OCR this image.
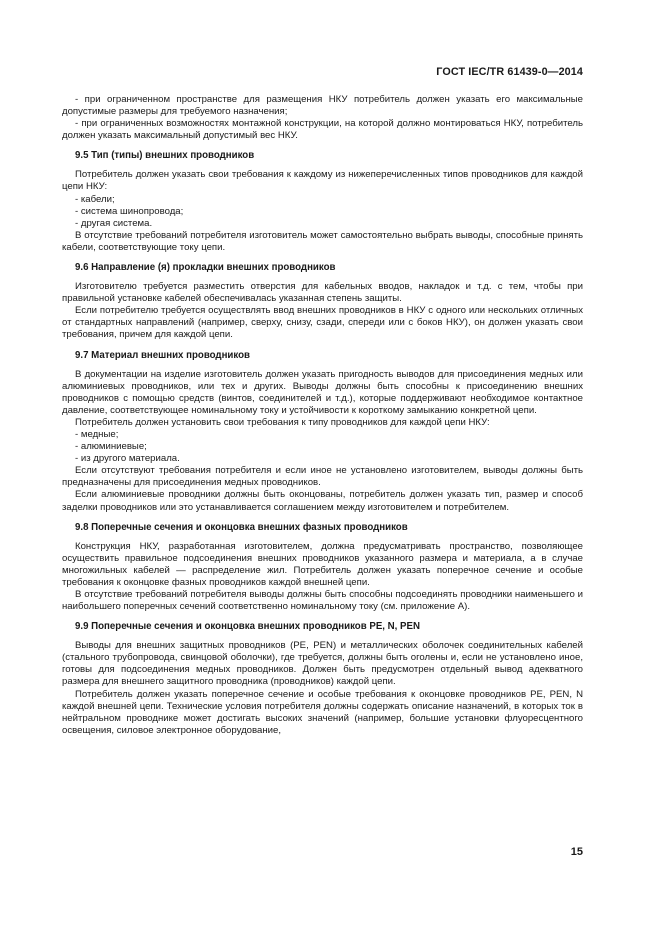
ГОСТ IEC/TR 61439-0—2014

- при ограниченном пространстве для размещения НКУ потребитель должен указать его максимальные допустимые размеры для требуемого назначения;

- при ограниченных возможностях монтажной конструкции, на которой должно монтироваться НКУ, потребитель должен указать максимальный допустимый вес НКУ.

9.5 Тип (типы) внешних проводников

Потребитель должен указать свои требования к каждому из нижеперечисленных типов проводников для каждой цепи НКУ:

- кабели;

- система шинопровода;

- другая система.

В отсутствие требований потребителя изготовитель может самостоятельно выбрать выводы, способные принять кабели, соответствующие току цепи.

9.6 Направление (я) прокладки внешних проводников

Изготовителю требуется разместить отверстия для кабельных вводов, накладок и т.д. с тем, чтобы при правильной установке кабелей обеспечивалась указанная степень защиты.

Если потребителю требуется осуществлять ввод внешних проводников в НКУ с одного или нескольких отличных от стандартных направлений (например, сверху, снизу, сзади, спереди или с боков НКУ), он должен указать свои требования, причем для каждой цепи.

9.7 Материал внешних проводников

В документации на изделие изготовитель должен указать пригодность выводов для присоединения медных или алюминиевых проводников, или тех и других. Выводы должны быть способны к присоединению внешних проводников с помощью средств (винтов, соединителей и т.д.), которые поддерживают необходимое контактное давление, соответствующее номинальному току и устойчивости к короткому замыканию конкретной цепи.

Потребитель должен установить свои требования к типу проводников для каждой цепи НКУ:

- медные;

- алюминиевые;

- из другого материала.

Если отсутствуют требования потребителя и если иное не установлено изготовителем, выводы должны быть предназначены для присоединения медных проводников.

Если алюминиевые проводники должны быть оконцованы, потребитель должен указать тип, размер и способ заделки проводников или это устанавливается соглашением между изготовителем и потребителем.

9.8 Поперечные сечения и оконцовка внешних фазных проводников

Конструкция НКУ, разработанная изготовителем, должна предусматривать пространство, позволяющее осуществить правильное подсоединения внешних проводников указанного размера и материала, а в случае многожильных кабелей — распределение жил. Потребитель должен указать поперечное сечение и особые требования к оконцовке фазных проводников каждой внешней цепи.

В отсутствие требований потребителя выводы должны быть способны подсоединять проводники наименьшего и наибольшего поперечных сечений соответственно номинальному току (см. приложение А).

9.9 Поперечные сечения и оконцовка внешних проводников PE, N, PEN

Выводы для внешних защитных проводников (PE, PEN) и металлических оболочек соединительных кабелей (стального трубопровода, свинцовой оболочки), где требуется, должны быть оголены и, если не установлено иное, готовы для подсоединения медных проводников. Должен быть предусмотрен отдельный вывод адекватного размера для внешнего защитного проводника (проводников) каждой цепи.

Потребитель должен указать поперечное сечение и особые требования к оконцовке проводников PE, PEN, N каждой внешней цепи. Технические условия потребителя должны содержать описание назначений, в которых ток в нейтральном проводнике может достигать высоких значений (например, большие установки флуоресцентного освещения, силовое электронное оборудование,

15
